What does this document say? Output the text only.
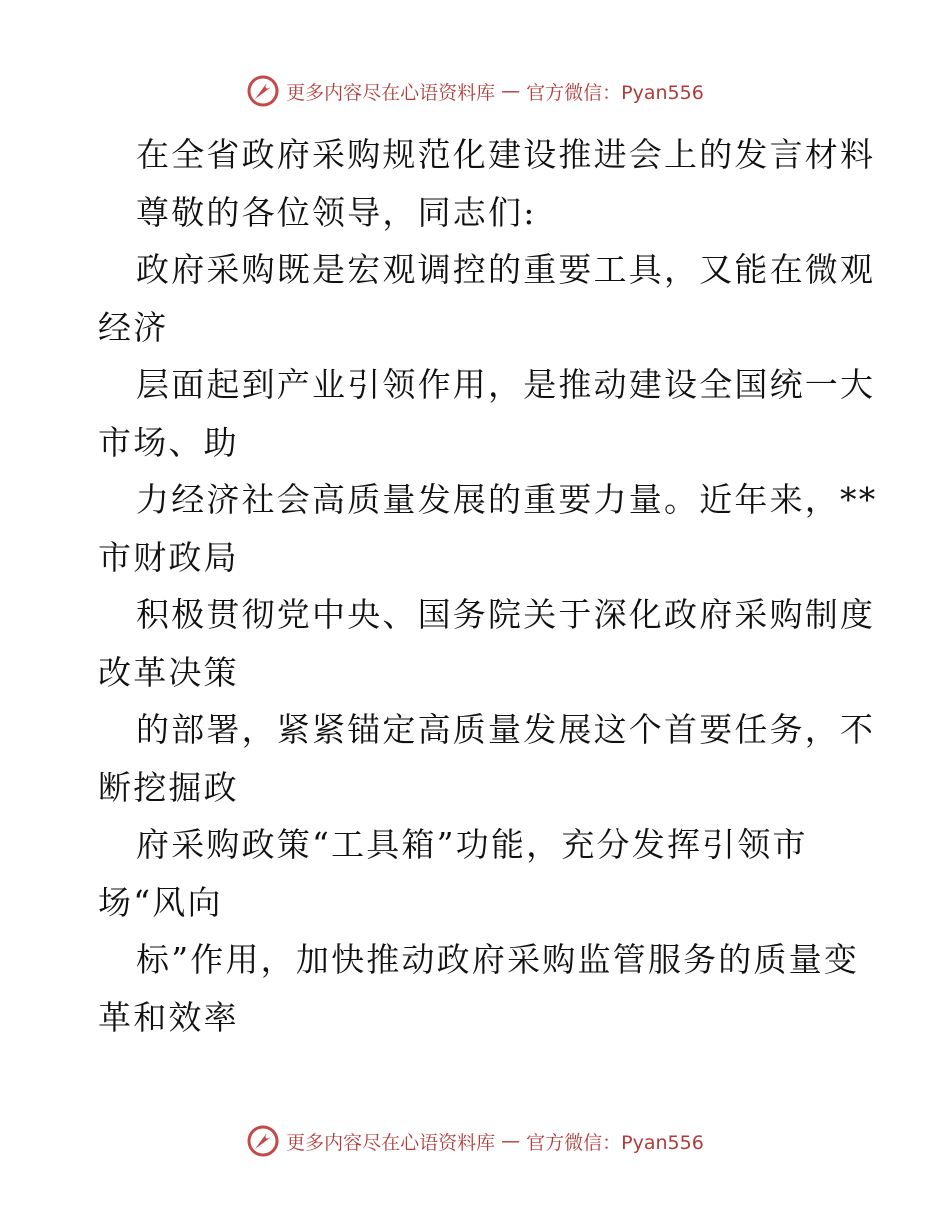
更多内容尽在心语资料库 — 官方微信：Pyan556
在全省政府采购规范化建设推进会上的发言材料
尊敬的各位领导，同志们:
政府采购既是宏观调控的重要工具，又能在微观
经济
层面起到产业引领作用，是推动建设全国统一大
市场、助
力经济社会高质量发展的重要力量。近年来，**
市财政局
积极贯彻党中央、国务院关于深化政府采购制度
改革决策
的部署，紧紧锚定高质量发展这个首要任务，不
断挖掘政
府采购政策“工具箱”功能，充分发挥引领市
场“风向
标”作用，加快推动政府采购监管服务的质量变
革和效率
更多内容尽在心语资料库 — 官方微信：Pyan556
